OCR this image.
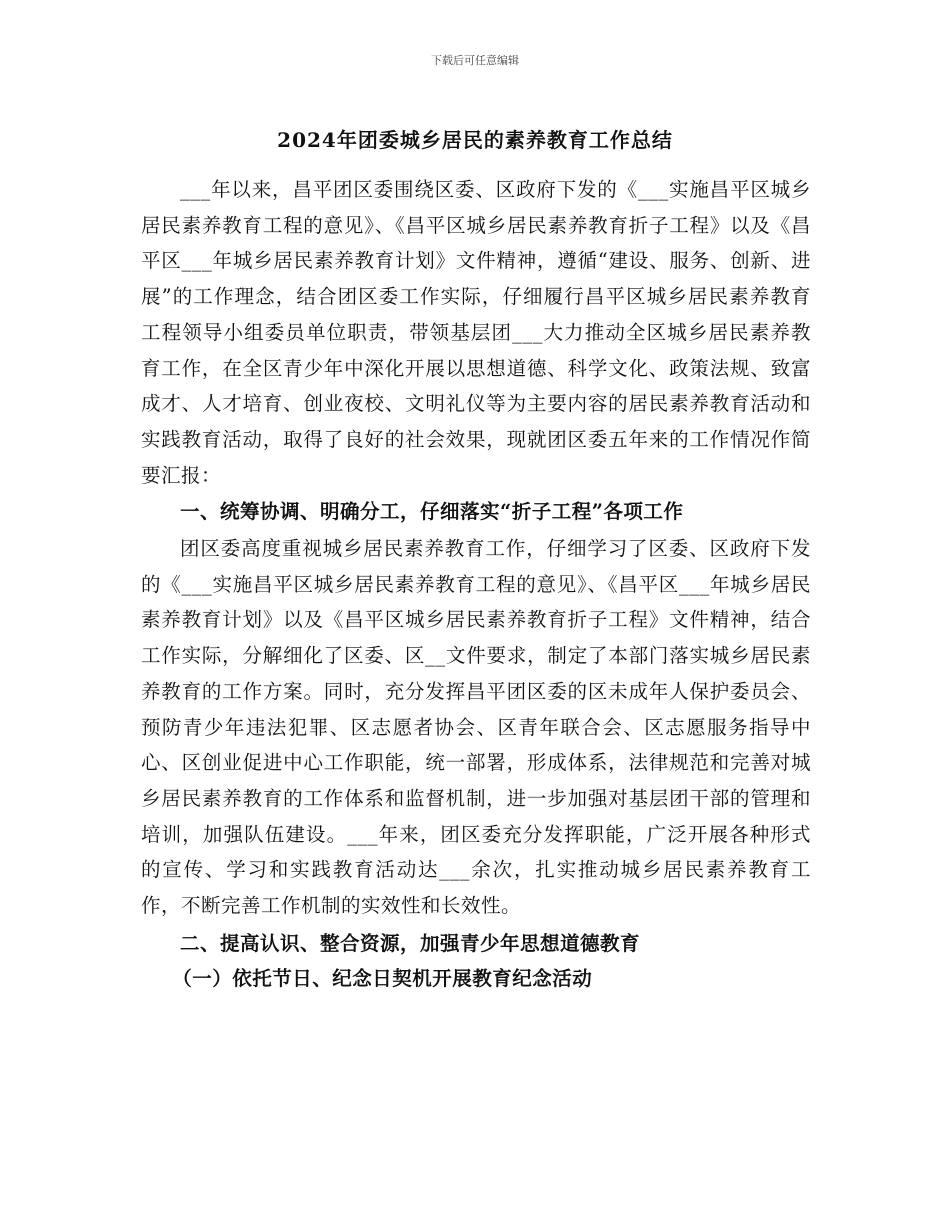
下载后可任意编辑
2024年团委城乡居民的素养教育工作总结

___年以来，昌平团区委围绕区委、区政府下发的《___实施昌平区城乡居民素养教育工程的意见》、《昌平区城乡居民素养教育折子工程》以及《昌平区___年城乡居民素养教育计划》文件精神，遵循“建设、服务、创新、进展”的工作理念，结合团区委工作实际，仔细履行昌平区城乡居民素养教育工程领导小组委员单位职责，带领基层团___大力推动全区城乡居民素养教育工作，在全区青少年中深化开展以思想道德、科学文化、政策法规、致富成才、人才培育、创业夜校、文明礼仪等为主要内容的居民素养教育活动和实践教育活动，取得了良好的社会效果，现就团区委五年来的工作情况作简要汇报：

一、统筹协调、明确分工，仔细落实“折子工程”各项工作

团区委高度重视城乡居民素养教育工作，仔细学习了区委、区政府下发的《___实施昌平区城乡居民素养教育工程的意见》、《昌平区___年城乡居民素养教育计划》以及《昌平区城乡居民素养教育折子工程》文件精神，结合工作实际，分解细化了区委、区__文件要求，制定了本部门落实城乡居民素养教育的工作方案。同时，充分发挥昌平团区委的区未成年人保护委员会、预防青少年违法犯罪、区志愿者协会、区青年联合会、区志愿服务指导中心、区创业促进中心工作职能，统一部署，形成体系，法律规范和完善对城乡居民素养教育的工作体系和监督机制，进一步加强对基层团干部的管理和培训，加强队伍建设。___年来，团区委充分发挥职能，广泛开展各种形式的宣传、学习和实践教育活动达___余次，扎实推动城乡居民素养教育工作，不断完善工作机制的实效性和长效性。

二、提高认识、整合资源，加强青少年思想道德教育

（一）依托节日、纪念日契机开展教育纪念活动
